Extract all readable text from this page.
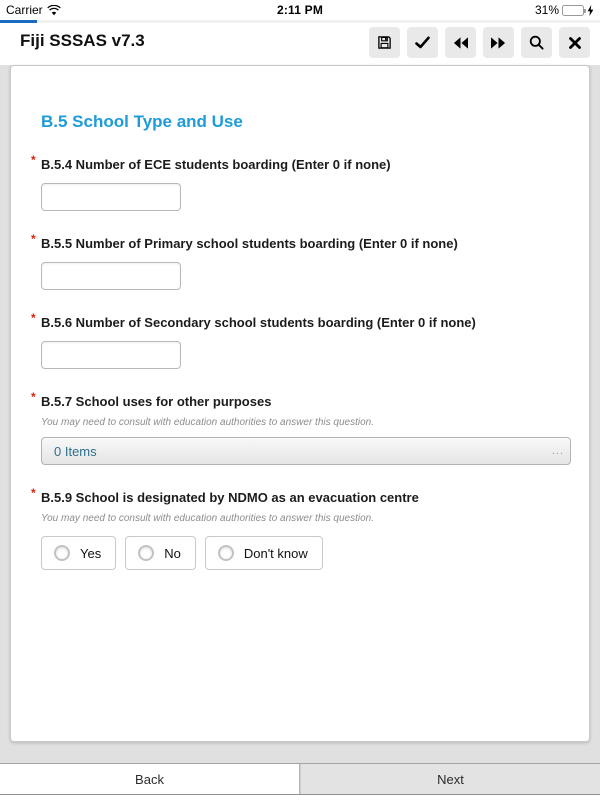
Carrier	2:11 PM	31%
Fiji SSSAS v7.3
B.5 School Type and Use
* B.5.4 Number of ECE students boarding (Enter 0 if none)
* B.5.5 Number of Primary school students boarding (Enter 0 if none)
* B.5.6 Number of Secondary school students boarding (Enter 0 if none)
* B.5.7 School uses for other purposes
You may need to consult with education authorities to answer this question.
0 Items	...
* B.5.9 School is designated by NDMO as an evacuation centre
You may need to consult with education authorities to answer this question.
Yes	No	Don't know
Back	Next
